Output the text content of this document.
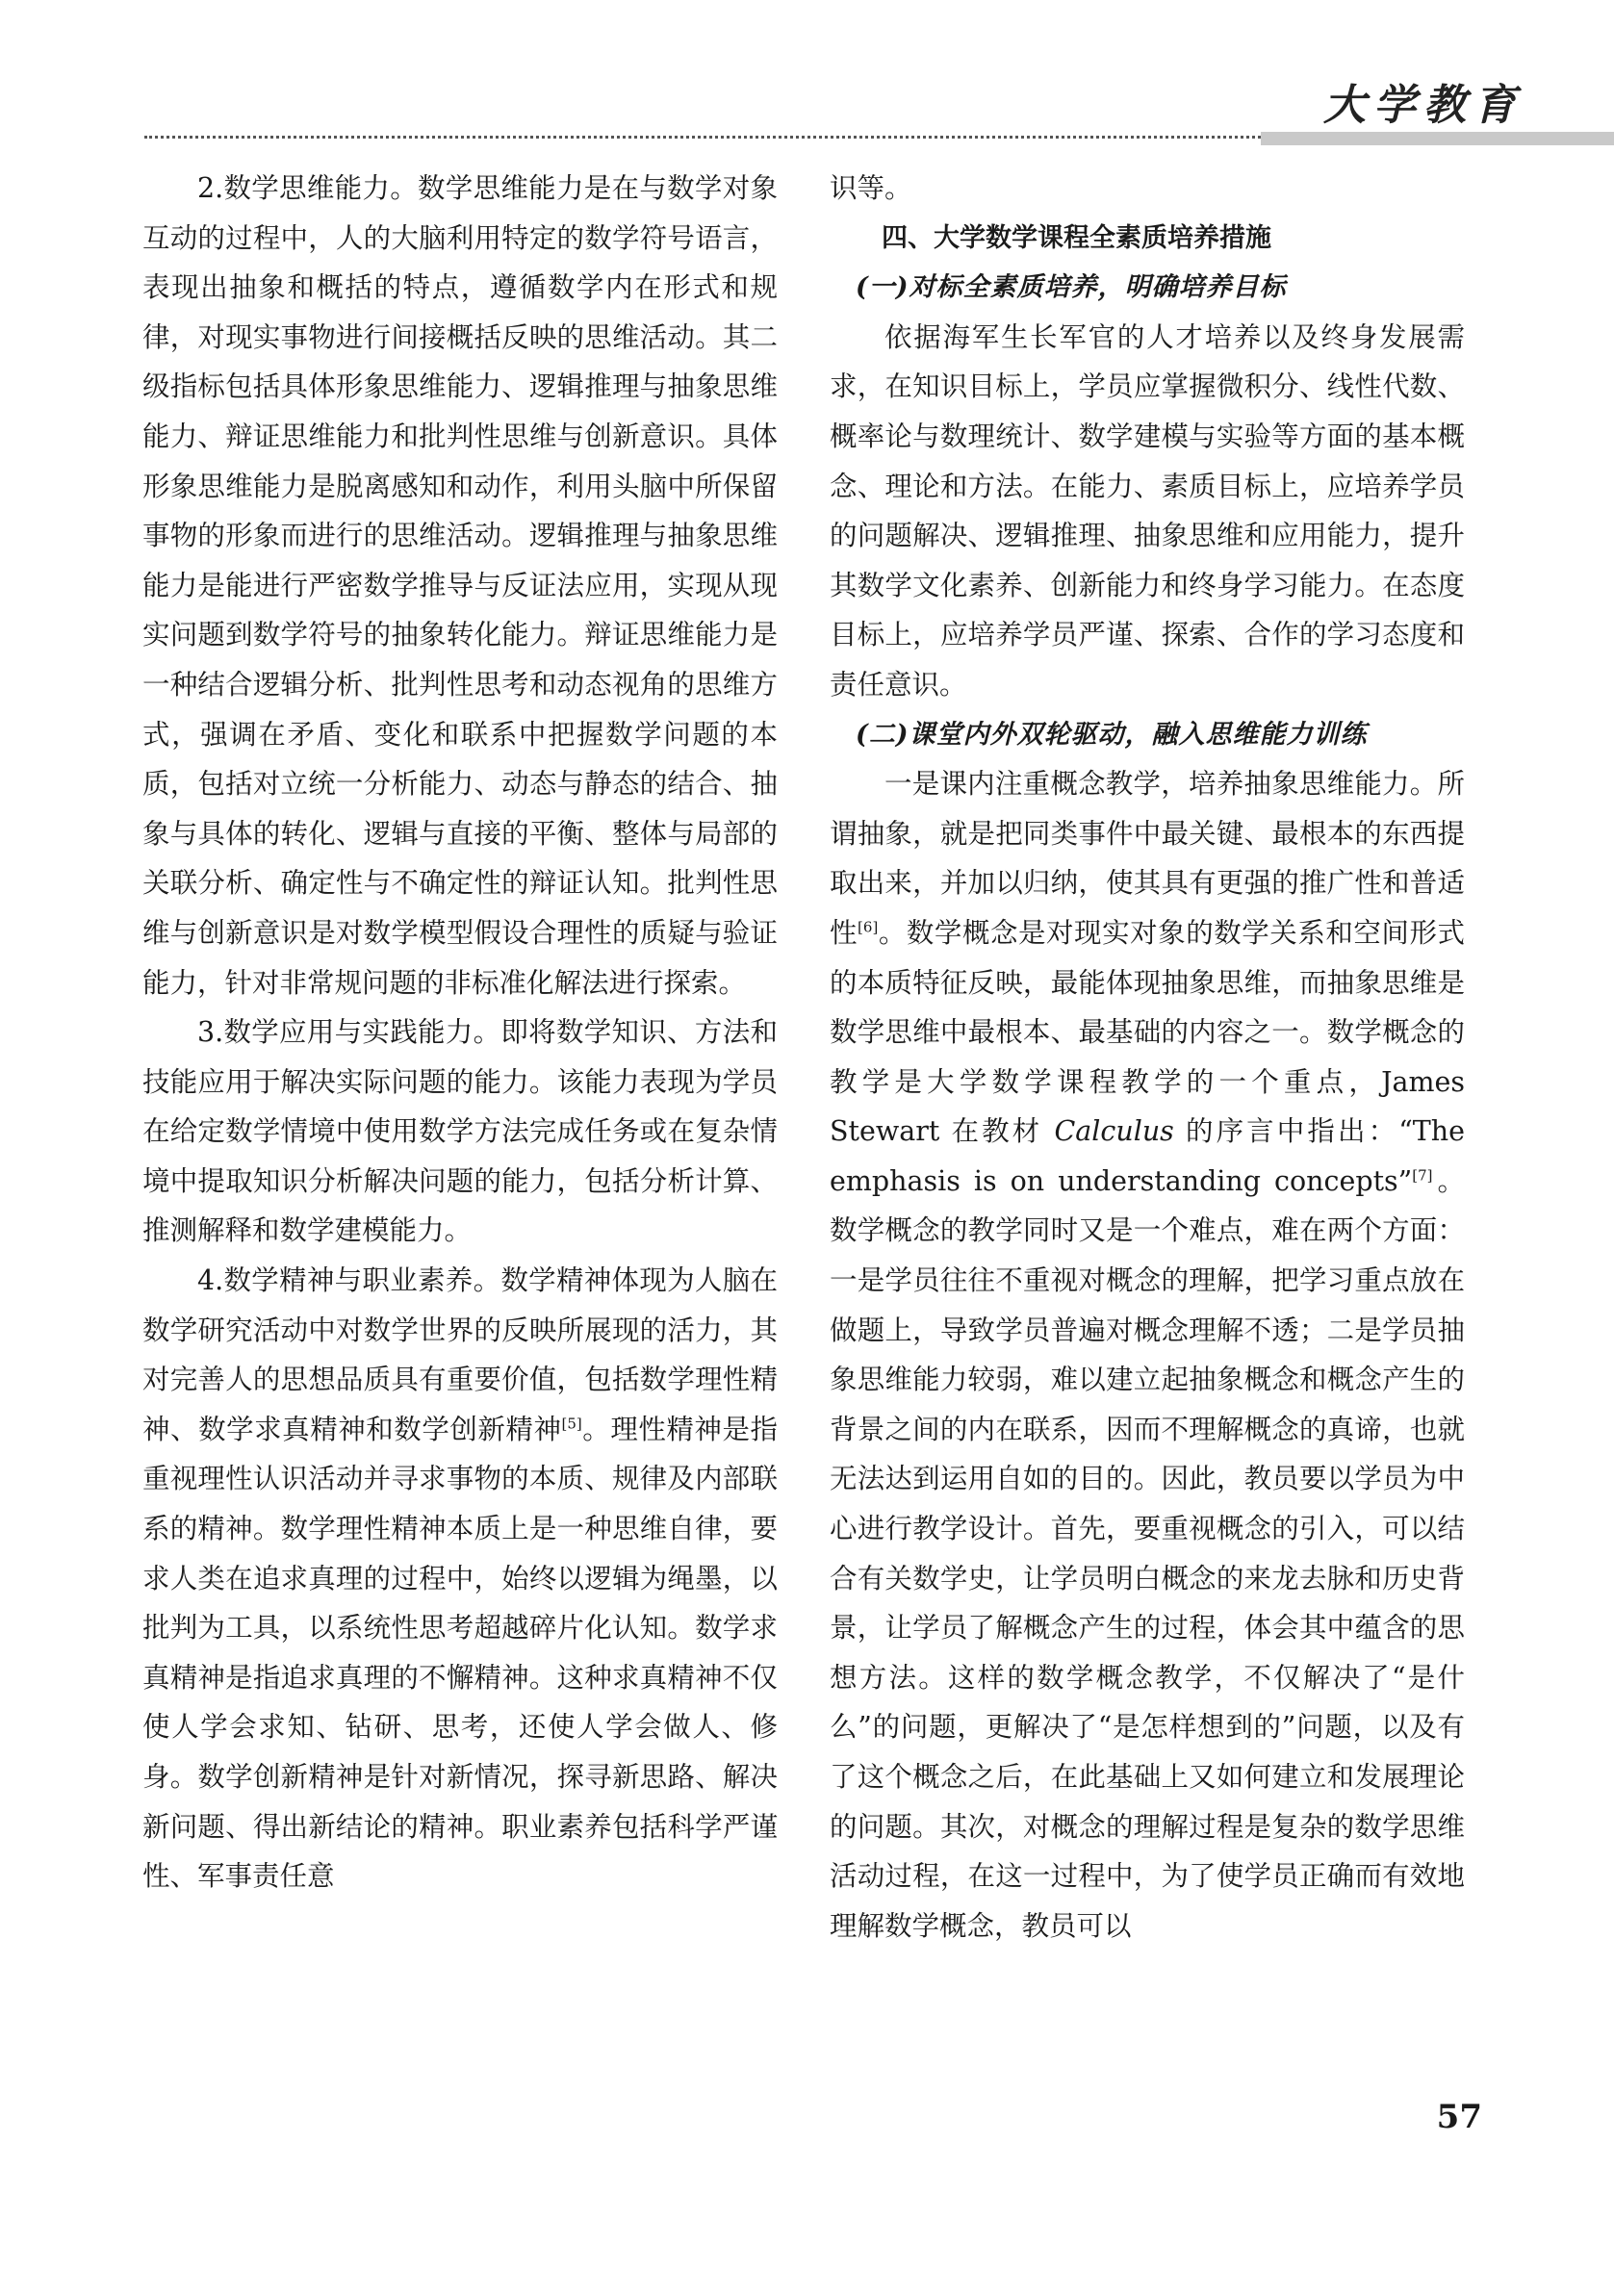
大学教育

2.数学思维能力。数学思维能力是在与数学对象互动的过程中，人的大脑利用特定的数学符号语言，表现出抽象和概括的特点，遵循数学内在形式和规律，对现实事物进行间接概括反映的思维活动。其二级指标包括具体形象思维能力、逻辑推理与抽象思维能力、辩证思维能力和批判性思维与创新意识。具体形象思维能力是脱离感知和动作，利用头脑中所保留事物的形象而进行的思维活动。逻辑推理与抽象思维能力是能进行严密数学推导与反证法应用，实现从现实问题到数学符号的抽象转化能力。辩证思维能力是一种结合逻辑分析、批判性思考和动态视角的思维方式，强调在矛盾、变化和联系中把握数学问题的本质，包括对立统一分析能力、动态与静态的结合、抽象与具体的转化、逻辑与直接的平衡、整体与局部的关联分析、确定性与不确定性的辩证认知。批判性思维与创新意识是对数学模型假设合理性的质疑与验证能力，针对非常规问题的非标准化解法进行探索。

3.数学应用与实践能力。即将数学知识、方法和技能应用于解决实际问题的能力。该能力表现为学员在给定数学情境中使用数学方法完成任务或在复杂情境中提取知识分析解决问题的能力，包括分析计算、推测解释和数学建模能力。

4.数学精神与职业素养。数学精神体现为人脑在数学研究活动中对数学世界的反映所展现的活力，其对完善人的思想品质具有重要价值，包括数学理性精神、数学求真精神和数学创新精神[5]。理性精神是指重视理性认识活动并寻求事物的本质、规律及内部联系的精神。数学理性精神本质上是一种思维自律，要求人类在追求真理的过程中，始终以逻辑为绳墨，以批判为工具，以系统性思考超越碎片化认知。数学求真精神是指追求真理的不懈精神。这种求真精神不仅使人学会求知、钻研、思考，还使人学会做人、修身。数学创新精神是针对新情况，探寻新思路、解决新问题、得出新结论的精神。职业素养包括科学严谨性、军事责任意

识等。

四、大学数学课程全素质培养措施

(一)对标全素质培养，明确培养目标

依据海军生长军官的人才培养以及终身发展需求，在知识目标上，学员应掌握微积分、线性代数、概率论与数理统计、数学建模与实验等方面的基本概念、理论和方法。在能力、素质目标上，应培养学员的问题解决、逻辑推理、抽象思维和应用能力，提升其数学文化素养、创新能力和终身学习能力。在态度目标上，应培养学员严谨、探索、合作的学习态度和责任意识。

(二)课堂内外双轮驱动，融入思维能力训练

一是课内注重概念教学，培养抽象思维能力。所谓抽象，就是把同类事件中最关键、最根本的东西提取出来，并加以归纳，使其具有更强的推广性和普适性[6]。数学概念是对现实对象的数学关系和空间形式的本质特征反映，最能体现抽象思维，而抽象思维是数学思维中最根本、最基础的内容之一。数学概念的教学是大学数学课程教学的一个重点，James Stewart 在教材 Calculus 的序言中指出：“The emphasis is on understanding concepts”[7]。数学概念的教学同时又是一个难点，难在两个方面：一是学员往往不重视对概念的理解，把学习重点放在做题上，导致学员普遍对概念理解不透；二是学员抽象思维能力较弱，难以建立起抽象概念和概念产生的背景之间的内在联系，因而不理解概念的真谛，也就无法达到运用自如的目的。因此，教员要以学员为中心进行教学设计。首先，要重视概念的引入，可以结合有关数学史，让学员明白概念的来龙去脉和历史背景，让学员了解概念产生的过程，体会其中蕴含的思想方法。这样的数学概念教学，不仅解决了“是什么”的问题，更解决了“是怎样想到的”问题，以及有了这个概念之后，在此基础上又如何建立和发展理论的问题。其次，对概念的理解过程是复杂的数学思维活动过程，在这一过程中，为了使学员正确而有效地理解数学概念，教员可以

57
